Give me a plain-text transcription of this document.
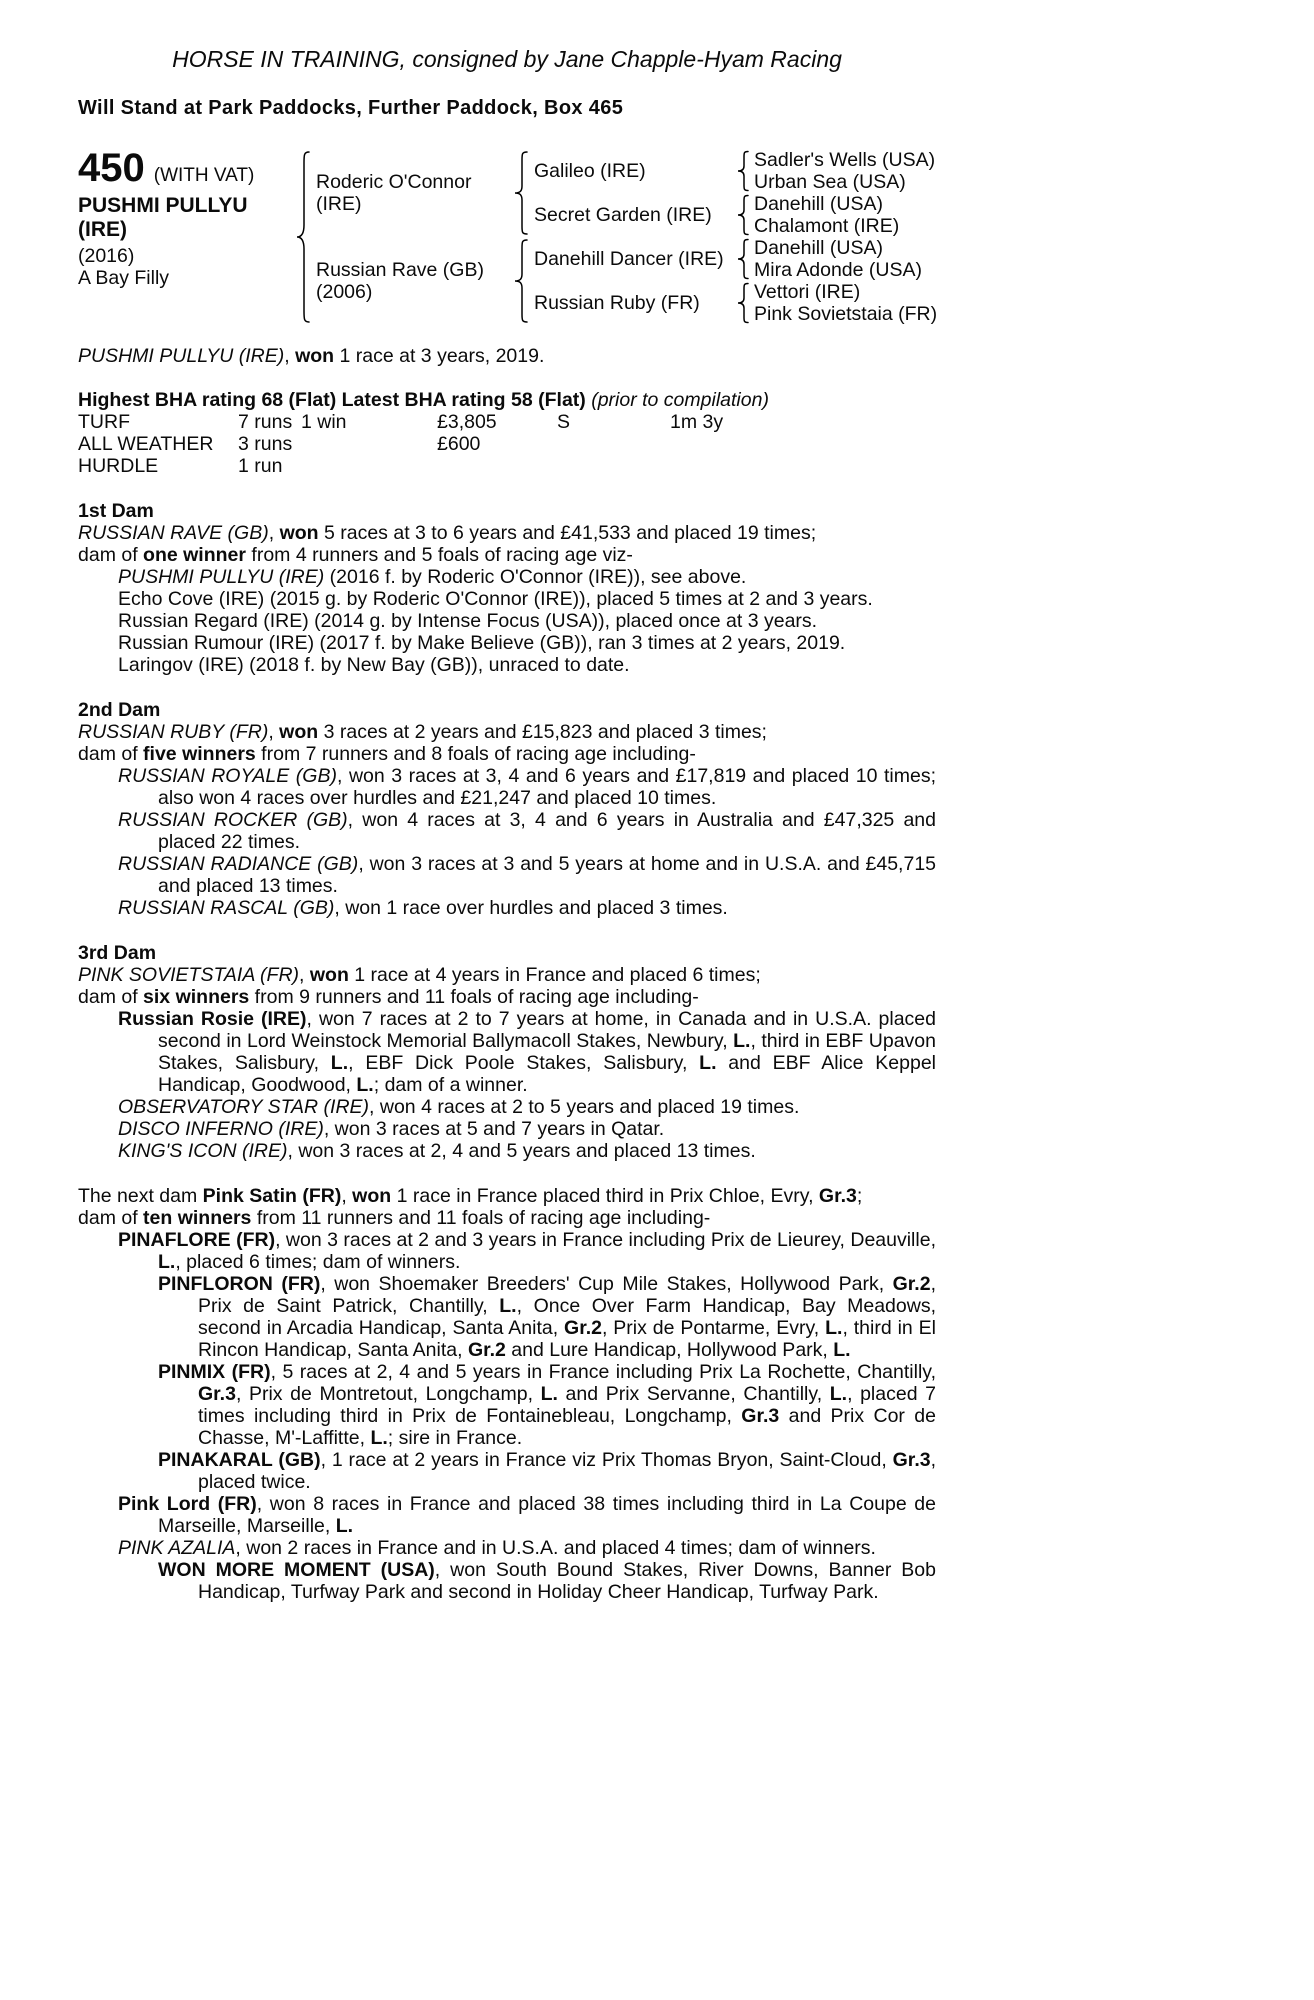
HORSE IN TRAINING, consigned by Jane Chapple-Hyam Racing
Will Stand at Park Paddocks, Further Paddock, Box 465
450 (WITH VAT)
PUSHMI PULLYU (IRE)
(2016)
A Bay Filly
Roderic O'Connor (IRE)
Russian Rave (GB) (2006)
Galileo (IRE)
Secret Garden (IRE)
Danehill Dancer (IRE)
Russian Ruby (FR)
Sadler's Wells (USA)
Urban Sea (USA)
Danehill (USA)
Chalamont (IRE)
Danehill (USA)
Mira Adonde (USA)
Vettori (IRE)
Pink Sovietstaia (FR)
PUSHMI PULLYU (IRE), won 1 race at 3 years, 2019.
Highest BHA rating 68 (Flat) Latest BHA rating 58 (Flat) (prior to compilation)
TURF	7 runs 1 win	£3,805	S	1m 3y
ALL WEATHER	3 runs	£600
HURDLE	1 run
1st Dam
RUSSIAN RAVE (GB), won 5 races at 3 to 6 years and £41,533 and placed 19 times;
dam of one winner from 4 runners and 5 foals of racing age viz-
PUSHMI PULLYU (IRE) (2016 f. by Roderic O'Connor (IRE)), see above.
Echo Cove (IRE) (2015 g. by Roderic O'Connor (IRE)), placed 5 times at 2 and 3 years.
Russian Regard (IRE) (2014 g. by Intense Focus (USA)), placed once at 3 years.
Russian Rumour (IRE) (2017 f. by Make Believe (GB)), ran 3 times at 2 years, 2019.
Laringov (IRE) (2018 f. by New Bay (GB)), unraced to date.
2nd Dam
RUSSIAN RUBY (FR), won 3 races at 2 years and £15,823 and placed 3 times;
dam of five winners from 7 runners and 8 foals of racing age including-
RUSSIAN ROYALE (GB), won 3 races at 3, 4 and 6 years and £17,819 and placed 10 times; also won 4 races over hurdles and £21,247 and placed 10 times.
RUSSIAN ROCKER (GB), won 4 races at 3, 4 and 6 years in Australia and £47,325 and placed 22 times.
RUSSIAN RADIANCE (GB), won 3 races at 3 and 5 years at home and in U.S.A. and £45,715 and placed 13 times.
RUSSIAN RASCAL (GB), won 1 race over hurdles and placed 3 times.
3rd Dam
PINK SOVIETSTAIA (FR), won 1 race at 4 years in France and placed 6 times;
dam of six winners from 9 runners and 11 foals of racing age including-
Russian Rosie (IRE), won 7 races at 2 to 7 years at home, in Canada and in U.S.A. placed second in Lord Weinstock Memorial Ballymacoll Stakes, Newbury, L., third in EBF Upavon Stakes, Salisbury, L., EBF Dick Poole Stakes, Salisbury, L. and EBF Alice Keppel Handicap, Goodwood, L.; dam of a winner.
OBSERVATORY STAR (IRE), won 4 races at 2 to 5 years and placed 19 times.
DISCO INFERNO (IRE), won 3 races at 5 and 7 years in Qatar.
KING'S ICON (IRE), won 3 races at 2, 4 and 5 years and placed 13 times.
The next dam Pink Satin (FR), won 1 race in France placed third in Prix Chloe, Evry, Gr.3;
dam of ten winners from 11 runners and 11 foals of racing age including-
PINAFLORE (FR), won 3 races at 2 and 3 years in France including Prix de Lieurey, Deauville, L., placed 6 times; dam of winners.
PINFLORON (FR), won Shoemaker Breeders' Cup Mile Stakes, Hollywood Park, Gr.2, Prix de Saint Patrick, Chantilly, L., Once Over Farm Handicap, Bay Meadows, second in Arcadia Handicap, Santa Anita, Gr.2, Prix de Pontarme, Evry, L., third in El Rincon Handicap, Santa Anita, Gr.2 and Lure Handicap, Hollywood Park, L.
PINMIX (FR), 5 races at 2, 4 and 5 years in France including Prix La Rochette, Chantilly, Gr.3, Prix de Montretout, Longchamp, L. and Prix Servanne, Chantilly, L., placed 7 times including third in Prix de Fontainebleau, Longchamp, Gr.3 and Prix Cor de Chasse, M'-Laffitte, L.; sire in France.
PINAKARAL (GB), 1 race at 2 years in France viz Prix Thomas Bryon, Saint-Cloud, Gr.3, placed twice.
Pink Lord (FR), won 8 races in France and placed 38 times including third in La Coupe de Marseille, Marseille, L.
PINK AZALIA, won 2 races in France and in U.S.A. and placed 4 times; dam of winners.
WON MORE MOMENT (USA), won South Bound Stakes, River Downs, Banner Bob Handicap, Turfway Park and second in Holiday Cheer Handicap, Turfway Park.
